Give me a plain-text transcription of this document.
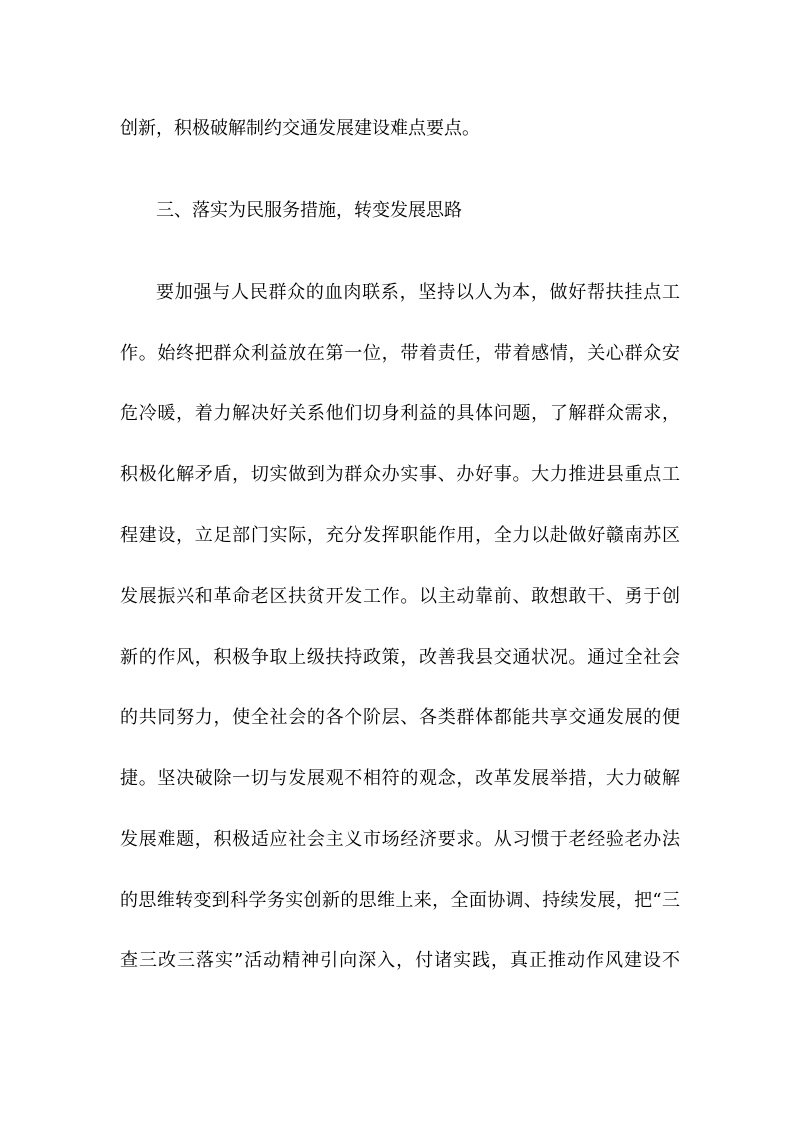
创新，积极破解制约交通发展建设难点要点。
三、落实为民服务措施，转变发展思路
要加强与人民群众的血肉联系，坚持以人为本，做好帮扶挂点工
作。始终把群众利益放在第一位，带着责任，带着感情，关心群众安
危冷暖，着力解决好关系他们切身利益的具体问题，了解群众需求，
积极化解矛盾，切实做到为群众办实事、办好事。大力推进县重点工
程建设，立足部门实际，充分发挥职能作用，全力以赴做好赣南苏区
发展振兴和革命老区扶贫开发工作。以主动靠前、敢想敢干、勇于创
新的作风，积极争取上级扶持政策，改善我县交通状况。通过全社会
的共同努力，使全社会的各个阶层、各类群体都能共享交通发展的便
捷。坚决破除一切与发展观不相符的观念，改革发展举措，大力破解
发展难题，积极适应社会主义市场经济要求。从习惯于老经验老办法
的思维转变到科学务实创新的思维上来，全面协调、持续发展，把“三
查三改三落实”活动精神引向深入，付诸实践，真正推动作风建设不
